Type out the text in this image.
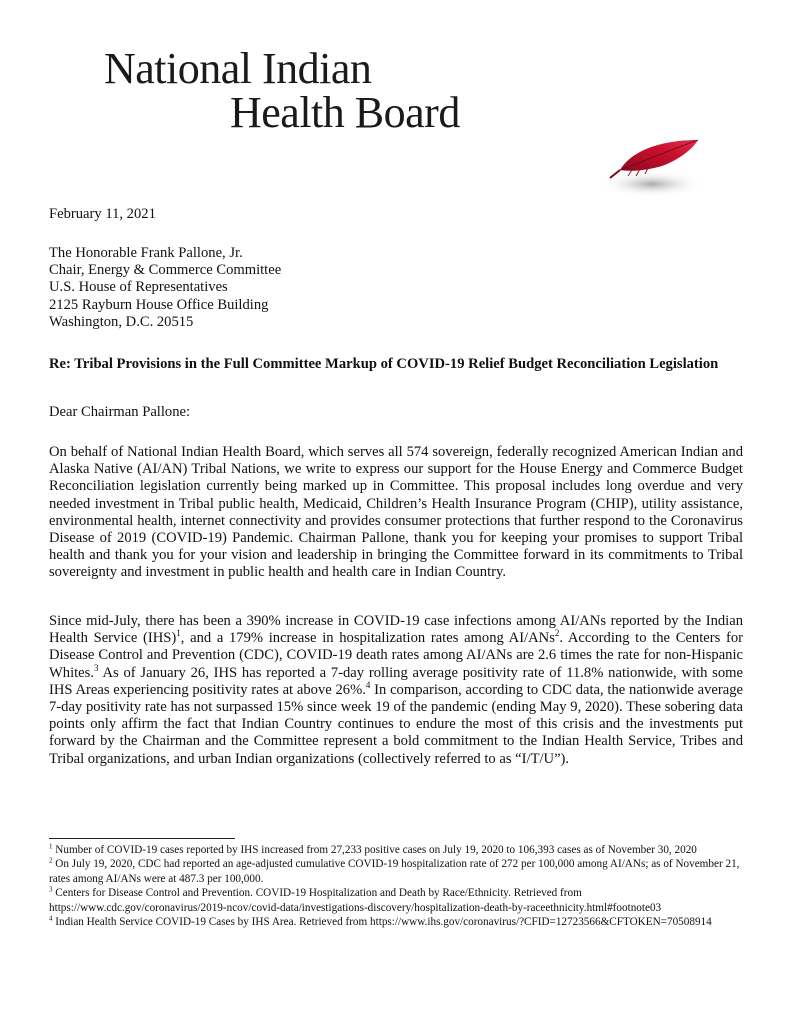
National Indian
Health Board
February 11, 2021
The Honorable Frank Pallone, Jr.
Chair, Energy & Commerce Committee
U.S. House of Representatives
2125 Rayburn House Office Building
Washington, D.C. 20515
Re: Tribal Provisions in the Full Committee Markup of COVID-19 Relief Budget Reconciliation Legislation
Dear Chairman Pallone:
On behalf of National Indian Health Board, which serves all 574 sovereign, federally recognized American Indian and Alaska Native (AI/AN) Tribal Nations, we write to express our support for the House Energy and Commerce Budget Reconciliation legislation currently being marked up in Committee. This proposal includes long overdue and very needed investment in Tribal public health, Medicaid, Children’s Health Insurance Program (CHIP), utility assistance, environmental health, internet connectivity and provides consumer protections that further respond to the Coronavirus Disease of 2019 (COVID-19) Pandemic. Chairman Pallone, thank you for keeping your promises to support Tribal health and thank you for your vision and leadership in bringing the Committee forward in its commitments to Tribal sovereignty and investment in public health and health care in Indian Country.
Since mid-July, there has been a 390% increase in COVID-19 case infections among AI/ANs reported by the Indian Health Service (IHS)$^1$, and a 179% increase in hospitalization rates among AI/ANs$^2$. According to the Centers for Disease Control and Prevention (CDC), COVID-19 death rates among AI/ANs are 2.6 times the rate for non-Hispanic Whites.$^3$ As of January 26, IHS has reported a 7-day rolling average positivity rate of 11.8% nationwide, with some IHS Areas experiencing positivity rates at above 26%.$^4$ In comparison, according to CDC data, the nationwide average 7-day positivity rate has not surpassed 15% since week 19 of the pandemic (ending May 9, 2020). These sobering data points only affirm the fact that Indian Country continues to endure the most of this crisis and the investments put forward by the Chairman and the Committee represent a bold commitment to the Indian Health Service, Tribes and Tribal organizations, and urban Indian organizations (collectively referred to as “I/T/U”).

$^1$ Number of COVID-19 cases reported by IHS increased from 27,233 positive cases on July 19, 2020 to 106,393 cases as of November 30, 2020

$^2$ On July 19, 2020, CDC had reported an age-adjusted cumulative COVID-19 hospitalization rate of 272 per 100,000 among AI/ANs; as of November 21, rates among AI/ANs were at 487.3 per 100,000.

$^3$ Centers for Disease Control and Prevention. COVID-19 Hospitalization and Death by Race/Ethnicity. Retrieved from https://www.cdc.gov/coronavirus/2019-ncov/covid-data/investigations-discovery/hospitalization-death-by-raceethnicity.html#footnote03

$^4$ Indian Health Service COVID-19 Cases by IHS Area. Retrieved from https://www.ihs.gov/coronavirus/?CFID=12723566&CFTOKEN=70508914
